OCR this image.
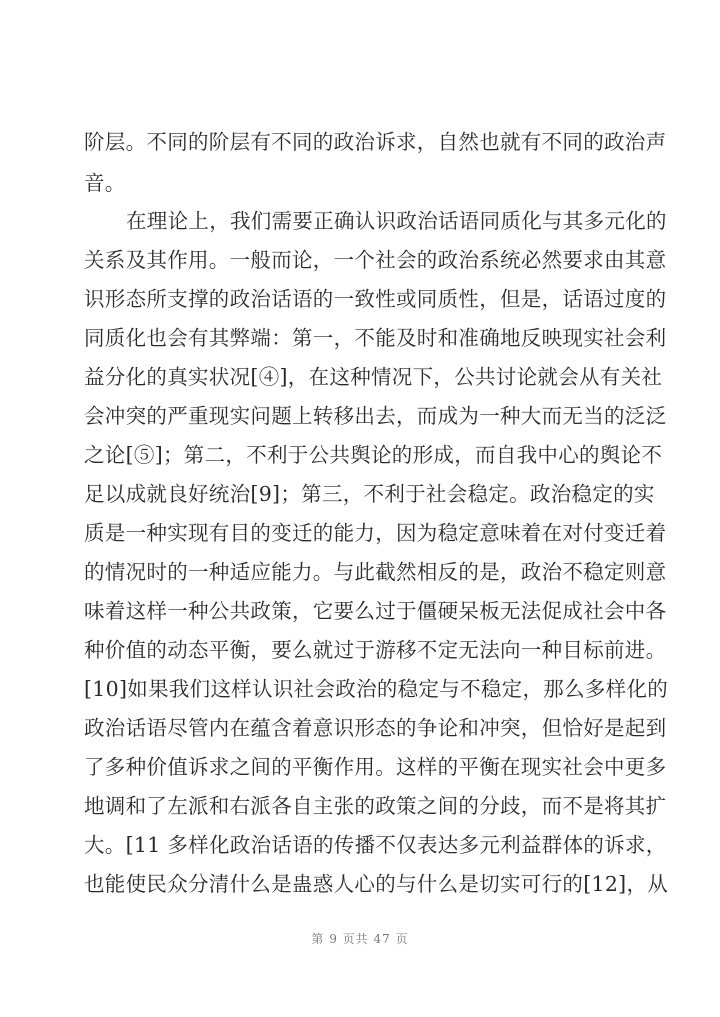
阶层。不同的阶层有不同的政治诉求，自然也就有不同的政治声
音。
在理论上，我们需要正确认识政治话语同质化与其多元化的
关系及其作用。一般而论，一个社会的政治系统必然要求由其意
识形态所支撑的政治话语的一致性或同质性，但是，话语过度的
同质化也会有其弊端：第一，不能及时和准确地反映现实社会利
益分化的真实状况[④]，在这种情况下，公共讨论就会从有关社
会冲突的严重现实问题上转移出去，而成为一种大而无当的泛泛
之论[⑤]；第二，不利于公共舆论的形成，而自我中心的舆论不
足以成就良好统治[9]；第三，不利于社会稳定。政治稳定的实
质是一种实现有目的变迁的能力，因为稳定意味着在对付变迁着
的情况时的一种适应能力。与此截然相反的是，政治不稳定则意
味着这样一种公共政策，它要么过于僵硬呆板无法促成社会中各
种价值的动态平衡，要么就过于游移不定无法向一种目标前进。
[10]如果我们这样认识社会政治的稳定与不稳定，那么多样化的
政治话语尽管内在蕴含着意识形态的争论和冲突，但恰好是起到
了多种价值诉求之间的平衡作用。这样的平衡在现实社会中更多
地调和了左派和右派各自主张的政策之间的分歧，而不是将其扩
大。[11 多样化政治话语的传播不仅表达多元利益群体的诉求，
也能使民众分清什么是蛊惑人心的与什么是切实可行的[12]，从
第 9 页共 47 页
